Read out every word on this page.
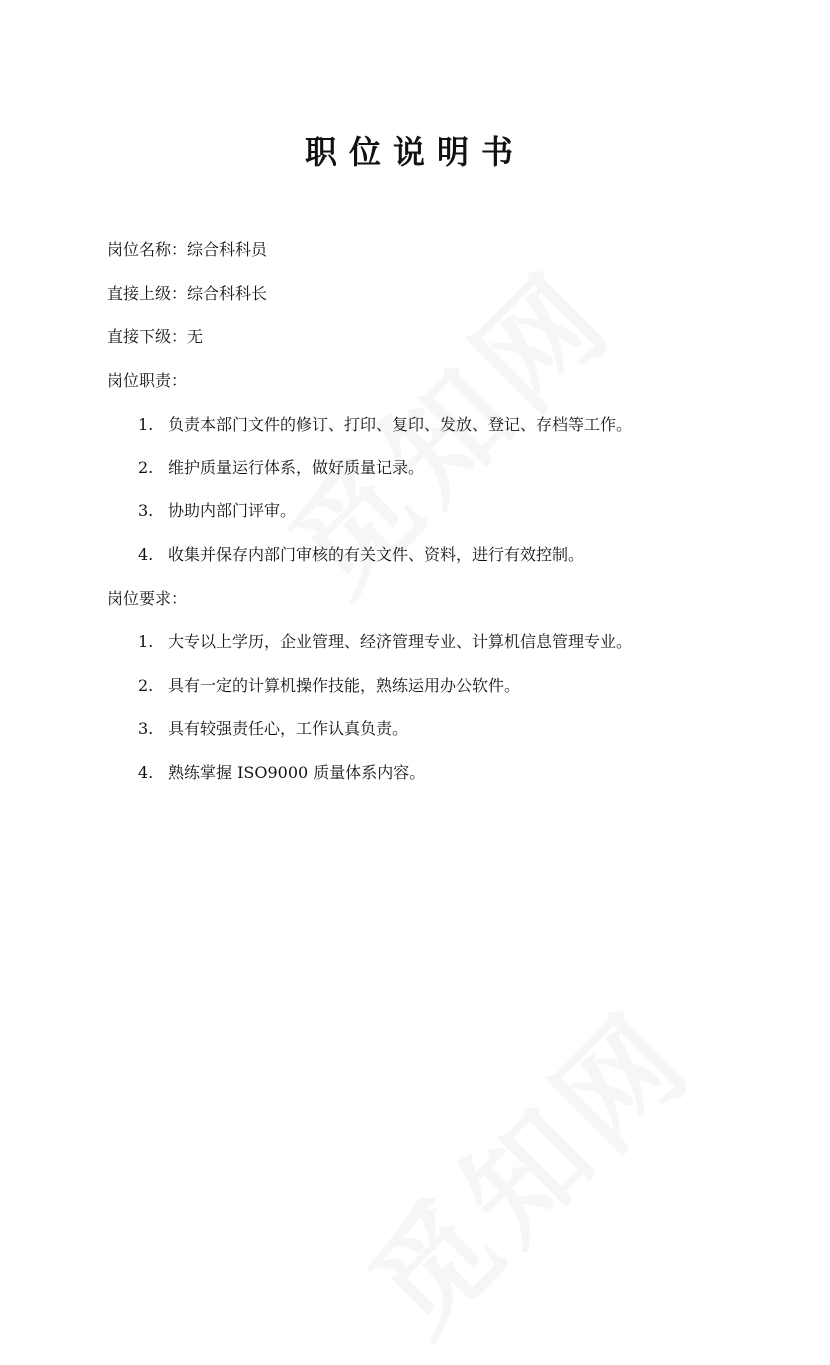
职位说明书
岗位名称：综合科科员
直接上级：综合科科长
直接下级：无
岗位职责：
1. 负责本部门文件的修订、打印、复印、发放、登记、存档等工作。
2. 维护质量运行体系，做好质量记录。
3. 协助内部门评审。
4. 收集并保存内部门审核的有关文件、资料，进行有效控制。
岗位要求：
1. 大专以上学历，企业管理、经济管理专业、计算机信息管理专业。
2. 具有一定的计算机操作技能，熟练运用办公软件。
3. 具有较强责任心，工作认真负责。
4. 熟练掌握 ISO9000 质量体系内容。
